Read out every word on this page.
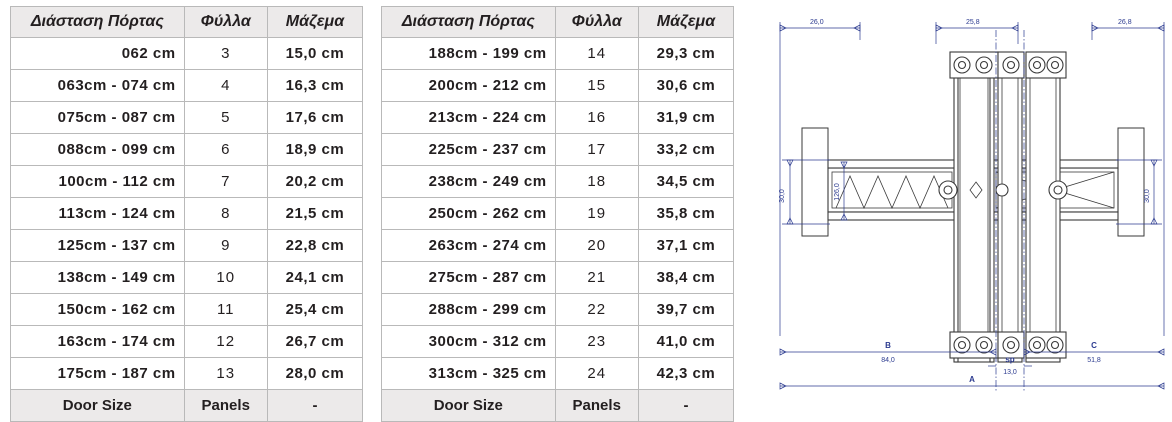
Διάσταση Πόρτας	Φύλλα	Μάζεμα
062 cm	3	15,0 cm
063cm - 074 cm	4	16,3 cm
075cm - 087 cm	5	17,6 cm
088cm - 099 cm	6	18,9 cm
100cm - 112 cm	7	20,2 cm
113cm - 124 cm	8	21,5 cm
125cm - 137 cm	9	22,8 cm
138cm - 149 cm	10	24,1 cm
150cm - 162 cm	11	25,4 cm
163cm - 174 cm	12	26,7 cm
175cm - 187 cm	13	28,0 cm
Door Size	Panels	-
Διάσταση Πόρτας	Φύλλα	Μάζεμα
188cm - 199 cm	14	29,3 cm
200cm - 212 cm	15	30,6 cm
213cm - 224 cm	16	31,9 cm
225cm - 237 cm	17	33,2 cm
238cm - 249 cm	18	34,5 cm
250cm - 262 cm	19	35,8 cm
263cm - 274 cm	20	37,1 cm
275cm - 287 cm	21	38,4 cm
288cm - 299 cm	22	39,7 cm
300cm - 312 cm	23	41,0 cm
313cm - 325 cm	24	42,3 cm
Door Size	Panels	-
26,0	25,8	26,8
30,0	126,0	30,0
B
84,0
C
51,8
sp
13,0
A
